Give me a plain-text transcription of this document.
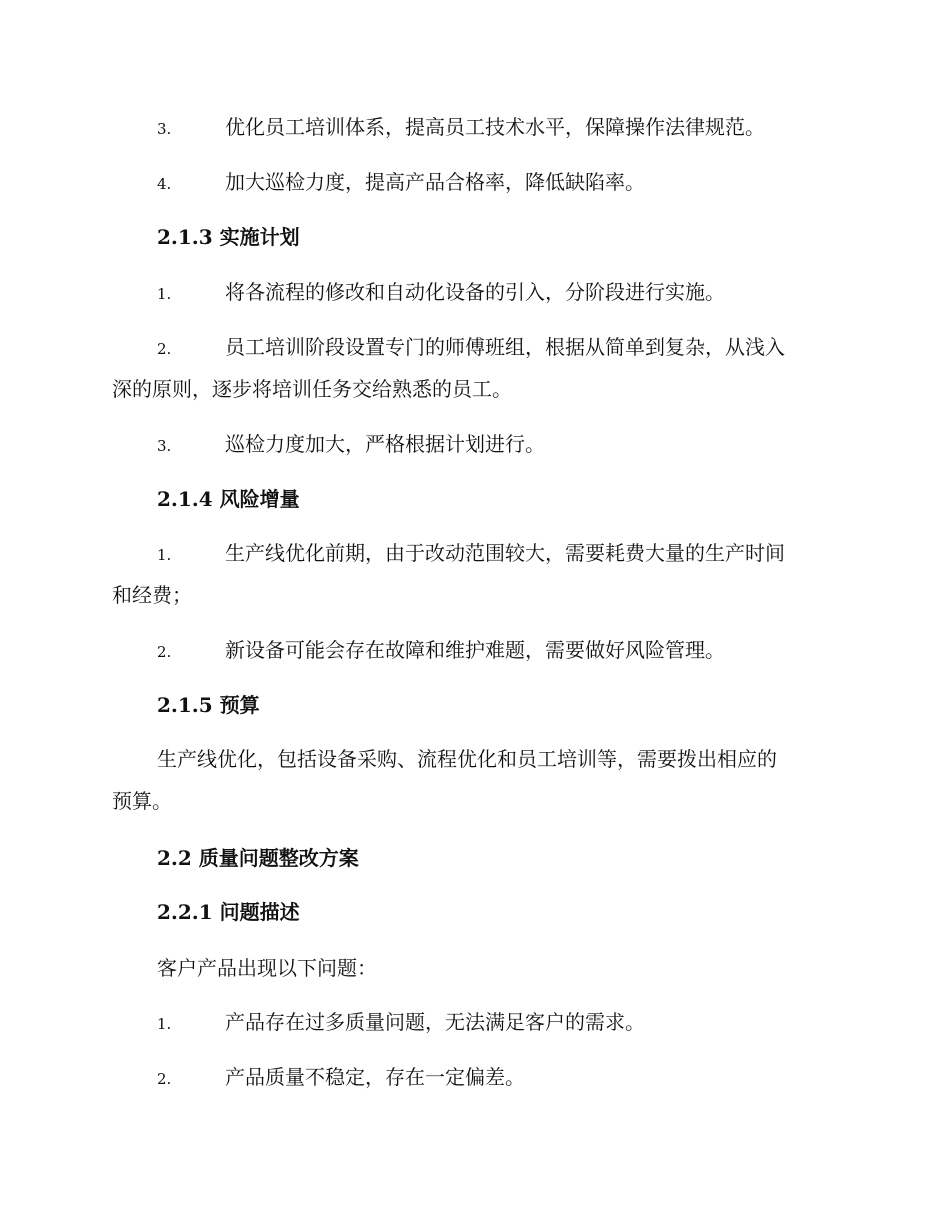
3.	优化员工培训体系，提高员工技术水平，保障操作法律规范。
4.	加大巡检力度，提高产品合格率，降低缺陷率。
2.1.3 实施计划
1.	将各流程的修改和自动化设备的引入，分阶段进行实施。
2.	员工培训阶段设置专门的师傅班组，根据从简单到复杂，从浅入
深的原则，逐步将培训任务交给熟悉的员工。
3.	巡检力度加大，严格根据计划进行。
2.1.4 风险增量
1.	生产线优化前期，由于改动范围较大，需要耗费大量的生产时间
和经费；
2.	新设备可能会存在故障和维护难题，需要做好风险管理。
2.1.5 预算
生产线优化，包括设备采购、流程优化和员工培训等，需要拨出相应的
预算。
2.2 质量问题整改方案
2.2.1 问题描述
客户产品出现以下问题：
1.	产品存在过多质量问题，无法满足客户的需求。
2.	产品质量不稳定，存在一定偏差。
